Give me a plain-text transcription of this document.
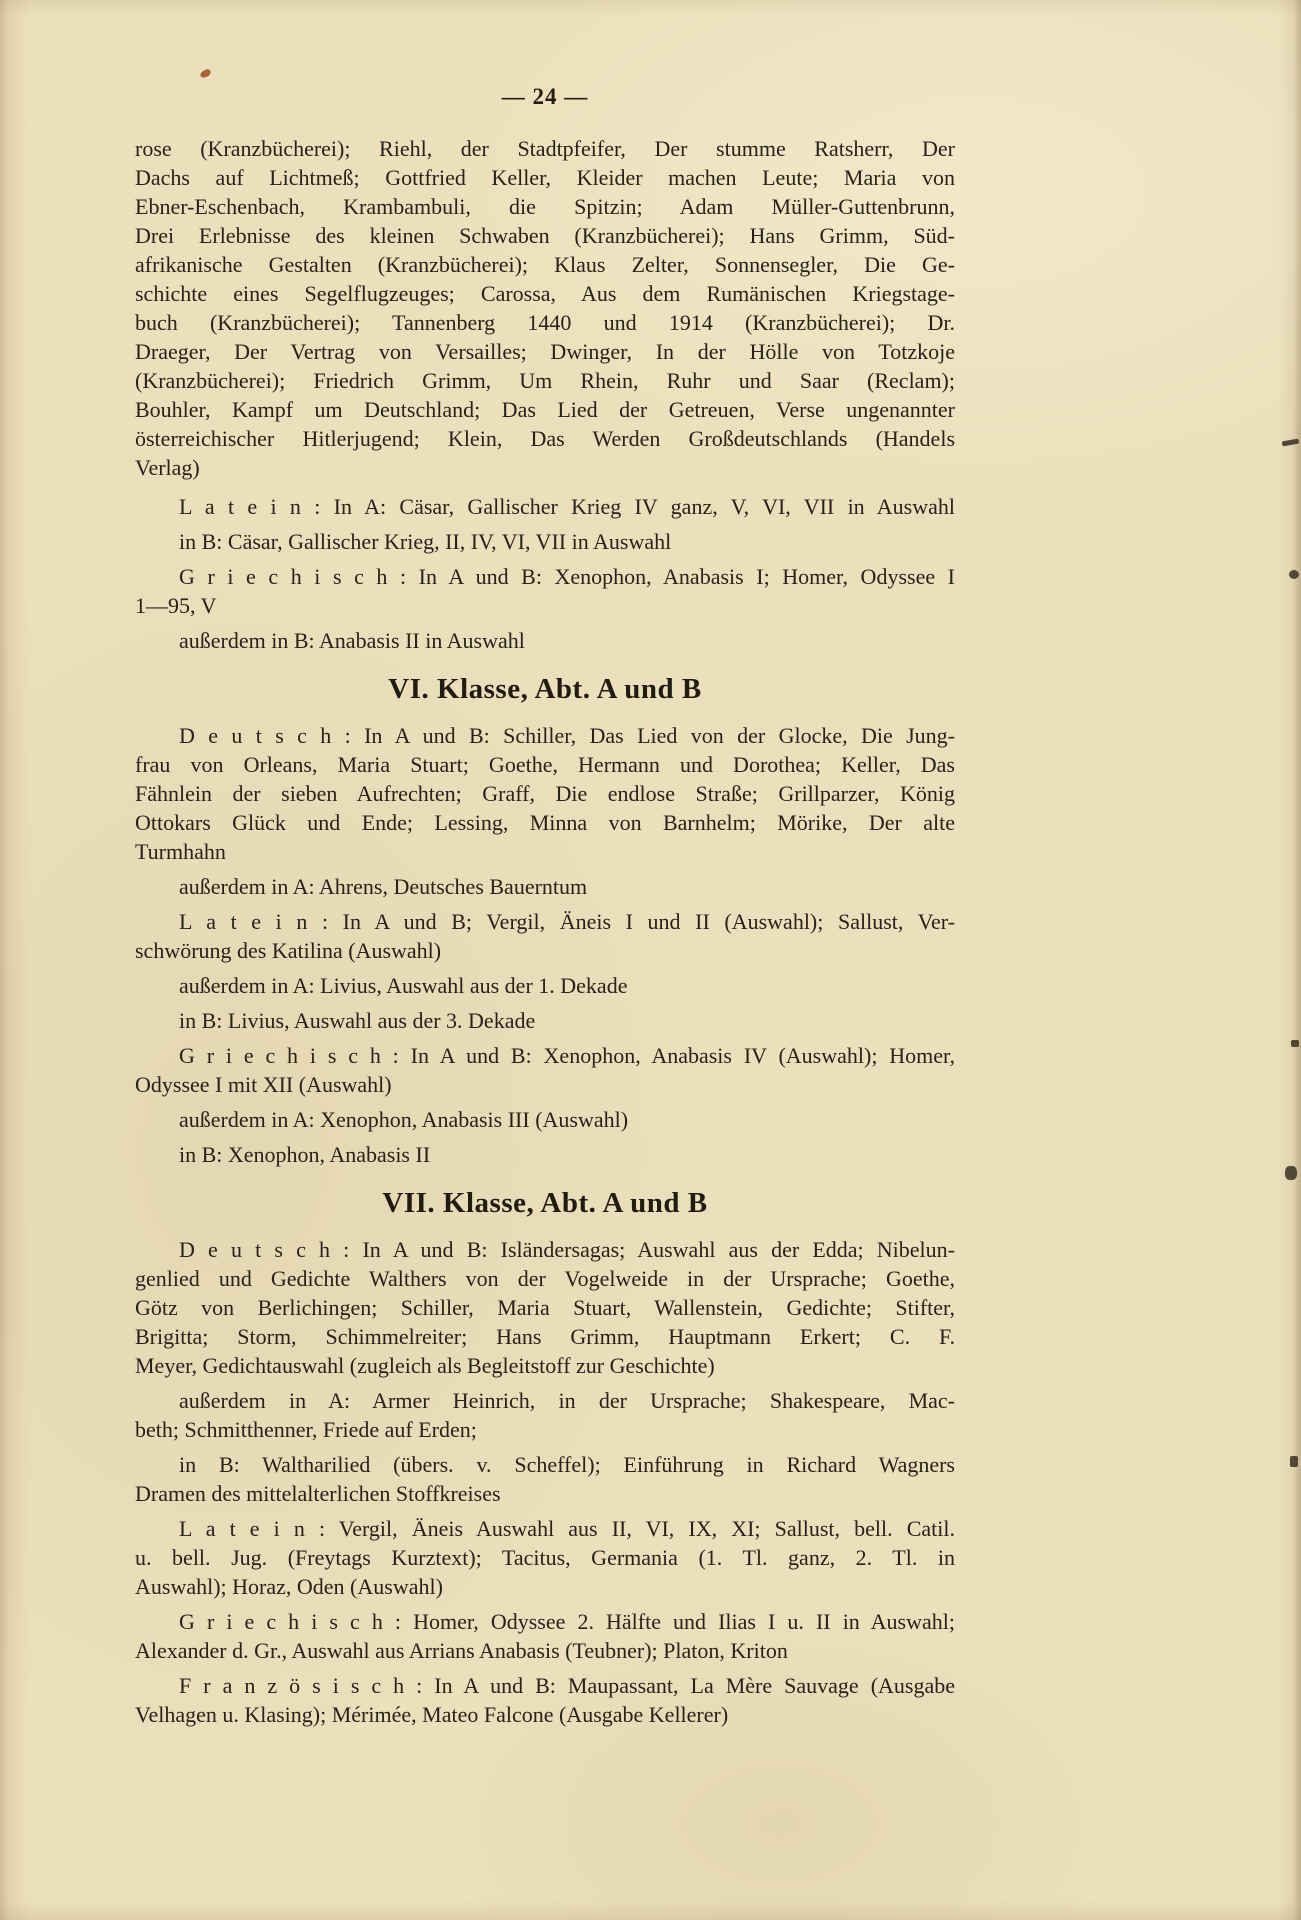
— 24 —
rose (Kranzbücherei); Riehl, der Stadtpfeifer, Der stumme Ratsherr, Der
Dachs auf Lichtmeß; Gottfried Keller, Kleider machen Leute; Maria von
Ebner-Eschenbach, Krambambuli, die Spitzin; Adam Müller-Guttenbrunn,
Drei Erlebnisse des kleinen Schwaben (Kranzbücherei); Hans Grimm, Süd-
afrikanische Gestalten (Kranzbücherei); Klaus Zelter, Sonnensegler, Die Ge-
schichte eines Segelflugzeuges; Carossa, Aus dem Rumänischen Kriegstage-
buch (Kranzbücherei); Tannenberg 1440 und 1914 (Kranzbücherei); Dr.
Draeger, Der Vertrag von Versailles; Dwinger, In der Hölle von Totzkoje
(Kranzbücherei); Friedrich Grimm, Um Rhein, Ruhr und Saar (Reclam);
Bouhler, Kampf um Deutschland; Das Lied der Getreuen, Verse ungenannter
österreichischer Hitlerjugend; Klein, Das Werden Großdeutschlands (Handels
Verlag)
L a t e i n : In A: Cäsar, Gallischer Krieg IV ganz, V, VI, VII in Auswahl
in B: Cäsar, Gallischer Krieg, II, IV, VI, VII in Auswahl
G r i e c h i s c h : In A und B: Xenophon, Anabasis I; Homer, Odyssee I
1—95, V
außerdem in B: Anabasis II in Auswahl
VI. Klasse, Abt. A und B
D e u t s c h : In A und B: Schiller, Das Lied von der Glocke, Die Jung-
frau von Orleans, Maria Stuart; Goethe, Hermann und Dorothea; Keller, Das
Fähnlein der sieben Aufrechten; Graff, Die endlose Straße; Grillparzer, König
Ottokars Glück und Ende; Lessing, Minna von Barnhelm; Mörike, Der alte
Turmhahn
außerdem in A: Ahrens, Deutsches Bauerntum
L a t e i n : In A und B; Vergil, Äneis I und II (Auswahl); Sallust, Ver-
schwörung des Katilina (Auswahl)
außerdem in A: Livius, Auswahl aus der 1. Dekade
in B: Livius, Auswahl aus der 3. Dekade
G r i e c h i s c h : In A und B: Xenophon, Anabasis IV (Auswahl); Homer,
Odyssee I mit XII (Auswahl)
außerdem in A: Xenophon, Anabasis III (Auswahl)
in B: Xenophon, Anabasis II
VII. Klasse, Abt. A und B
D e u t s c h : In A und B: Isländersagas; Auswahl aus der Edda; Nibelun-
genlied und Gedichte Walthers von der Vogelweide in der Ursprache; Goethe,
Götz von Berlichingen; Schiller, Maria Stuart, Wallenstein, Gedichte; Stifter,
Brigitta; Storm, Schimmelreiter; Hans Grimm, Hauptmann Erkert; C. F.
Meyer, Gedichtauswahl (zugleich als Begleitstoff zur Geschichte)
außerdem in A: Armer Heinrich, in der Ursprache; Shakespeare, Mac-
beth; Schmitthenner, Friede auf Erden;
in B: Waltharilied (übers. v. Scheffel); Einführung in Richard Wagners
Dramen des mittelalterlichen Stoffkreises
L a t e i n : Vergil, Äneis Auswahl aus II, VI, IX, XI; Sallust, bell. Catil.
u. bell. Jug. (Freytags Kurztext); Tacitus, Germania (1. Tl. ganz, 2. Tl. in
Auswahl); Horaz, Oden (Auswahl)
G r i e c h i s c h : Homer, Odyssee 2. Hälfte und Ilias I u. II in Auswahl;
Alexander d. Gr., Auswahl aus Arrians Anabasis (Teubner); Platon, Kriton
F r a n z ö s i s c h : In A und B: Maupassant, La Mère Sauvage (Ausgabe
Velhagen u. Klasing); Mérimée, Mateo Falcone (Ausgabe Kellerer)
